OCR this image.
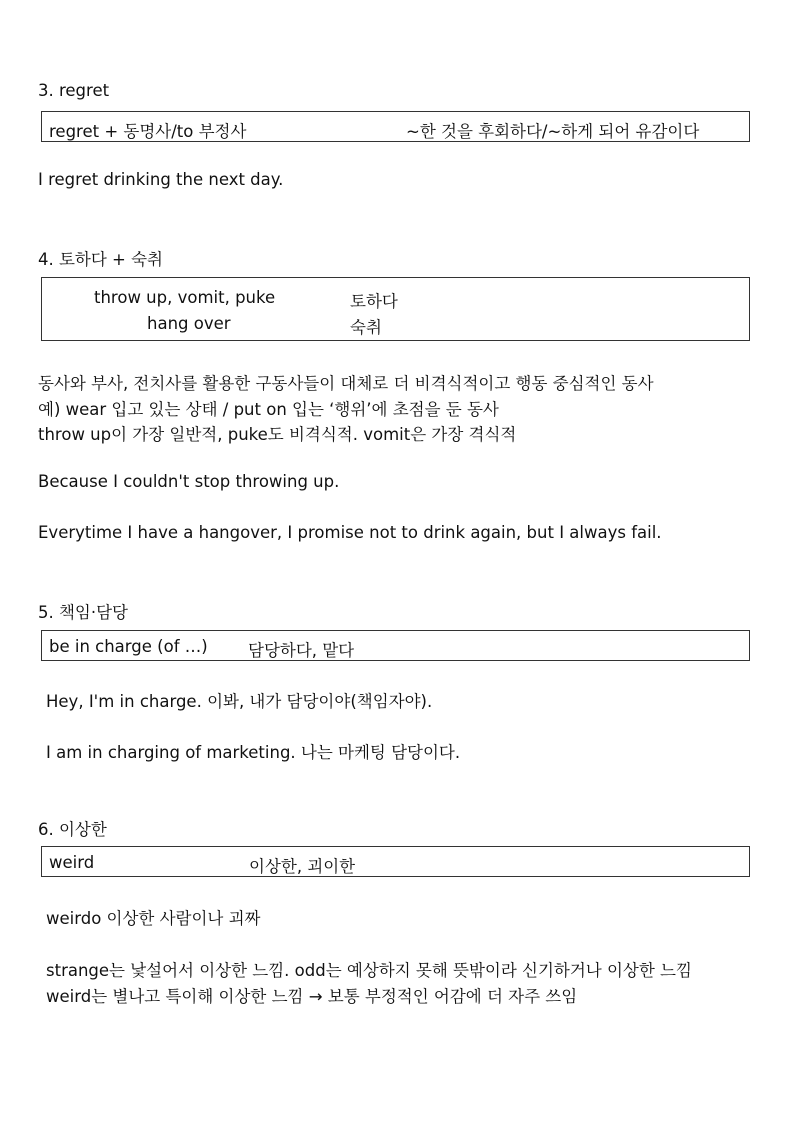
3. regret
regret + 동명사/to 부정사	~한 것을 후회하다/~하게 되어 유감이다
I regret drinking the next day.
4. 토하다 + 숙취
throw up, vomit, puke	토하다
hang over	숙취
동사와 부사, 전치사를 활용한 구동사들이 대체로 더 비격식적이고 행동 중심적인 동사
예) wear 입고 있는 상태 / put on 입는 ‘행위’에 초점을 둔 동사
throw up이 가장 일반적, puke도 비격식적. vomit은 가장 격식적
Because I couldn't stop throwing up.
Everytime I have a hangover, I promise not to drink again, but I always fail.
5. 책임·담당
be in charge (of …) 담당하다, 맡다
Hey, I'm in charge. 이봐, 내가 담당이야(책임자야).
I am in charging of marketing. 나는 마케팅 담당이다.
6. 이상한
weird	이상한, 괴이한
weirdo 이상한 사람이나 괴짜
strange는 낯설어서 이상한 느낌. odd는 예상하지 못해 뜻밖이라 신기하거나 이상한 느낌
weird는 별나고 특이해 이상한 느낌 → 보통 부정적인 어감에 더 자주 쓰임
